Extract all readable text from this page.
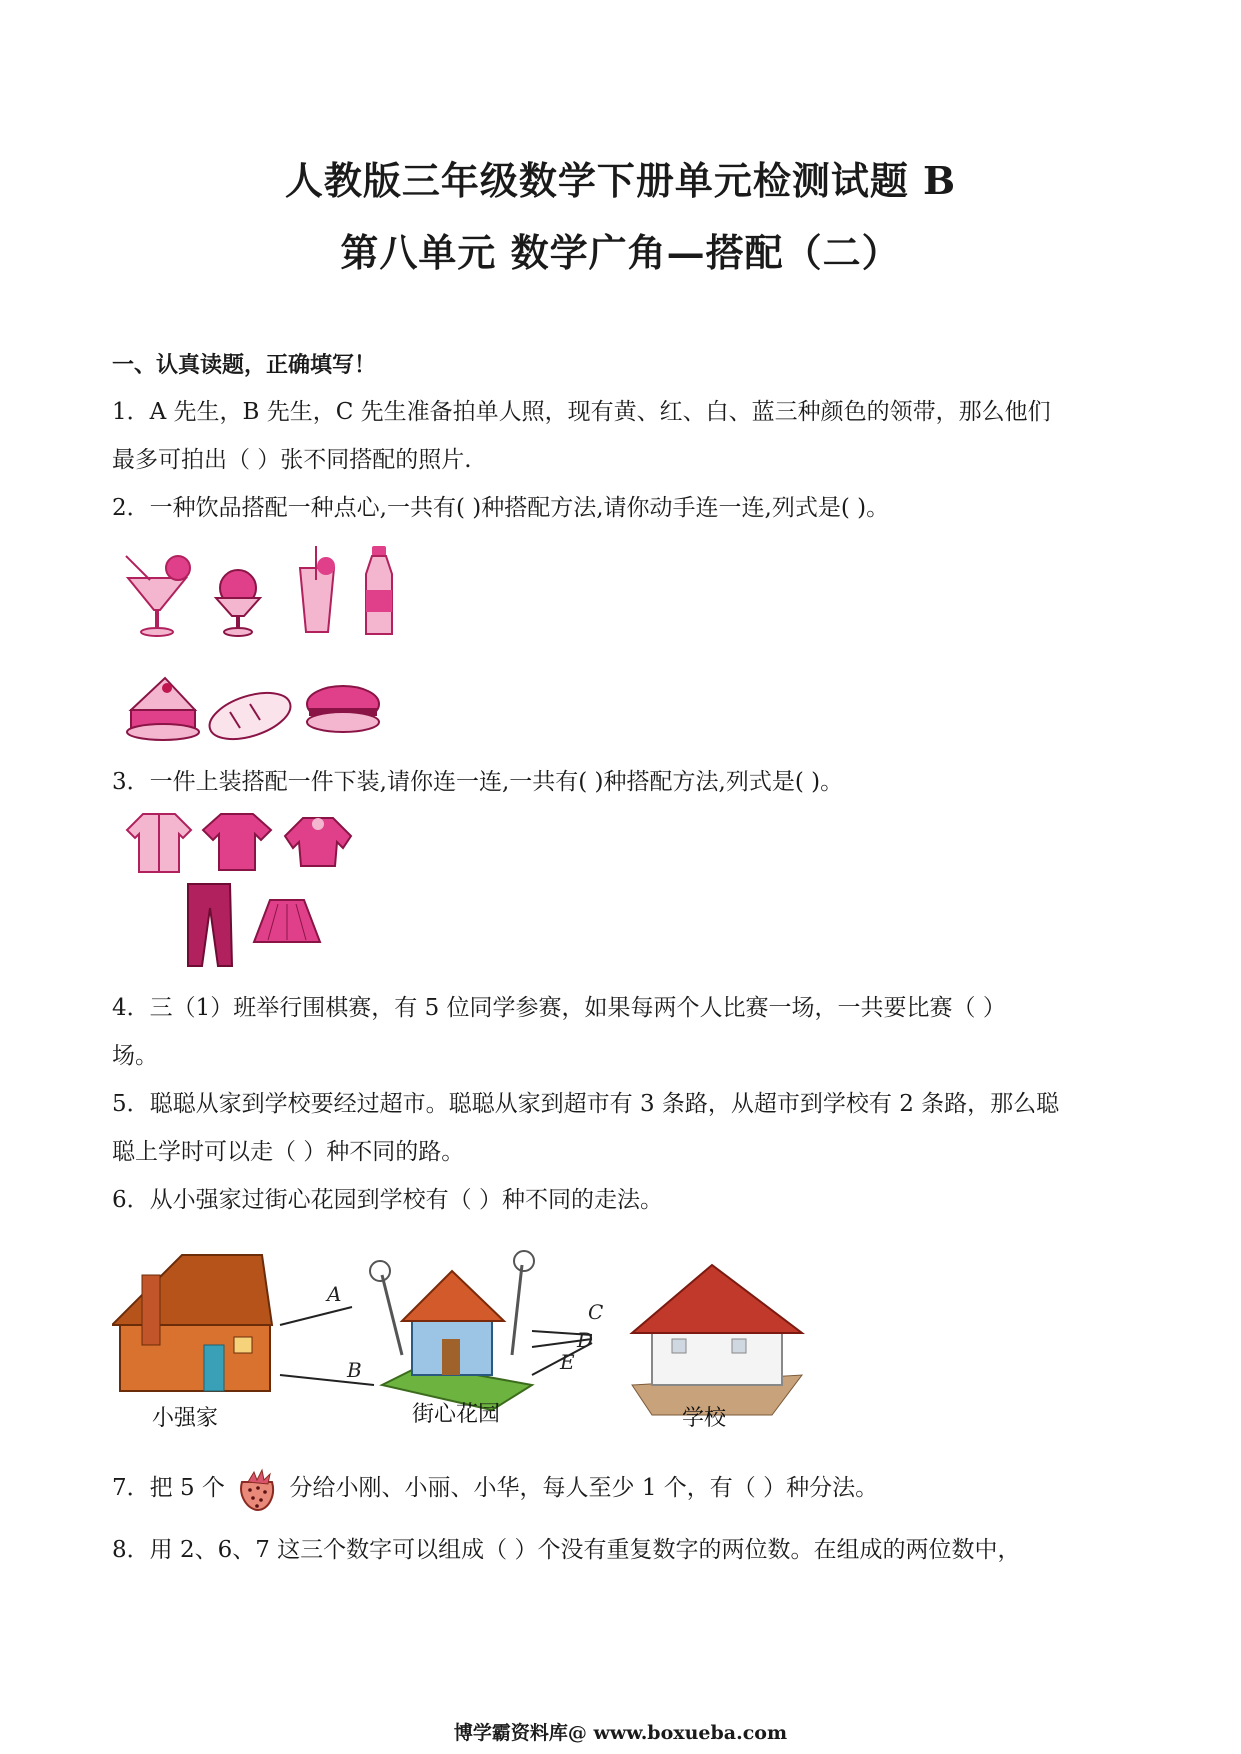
人教版三年级数学下册单元检测试题 B
第八单元 数学广角—搭配（二）
一、认真读题，正确填写！
1．A 先生，B 先生，C 先生准备拍单人照，现有黄、红、白、蓝三种颜色的领带，那么他们
最多可拍出（ ）张不同搭配的照片.
2．一种饮品搭配一种点心,一共有( )种搭配方法,请你动手连一连,列式是( )。
3．一件上装搭配一件下装,请你连一连,一共有( )种搭配方法,列式是( )。
4．三（1）班举行围棋赛，有 5 位同学参赛，如果每两个人比赛一场，一共要比赛（ ）
场。
5．聪聪从家到学校要经过超市。聪聪从家到超市有 3 条路，从超市到学校有 2 条路，那么聪
聪上学时可以走（ ）种不同的路。
6．从小强家过街心花园到学校有（ ）种不同的走法。
小强家
A
B
街心花园
C
D
E
学校
7．把 5 个	分给小刚、小丽、小华，每人至少 1 个，有（ ）种分法。
8．用 2、6、7 这三个数字可以组成（ ）个没有重复数字的两位数。在组成的两位数中，
博学霸资料库@ www.boxueba.com
